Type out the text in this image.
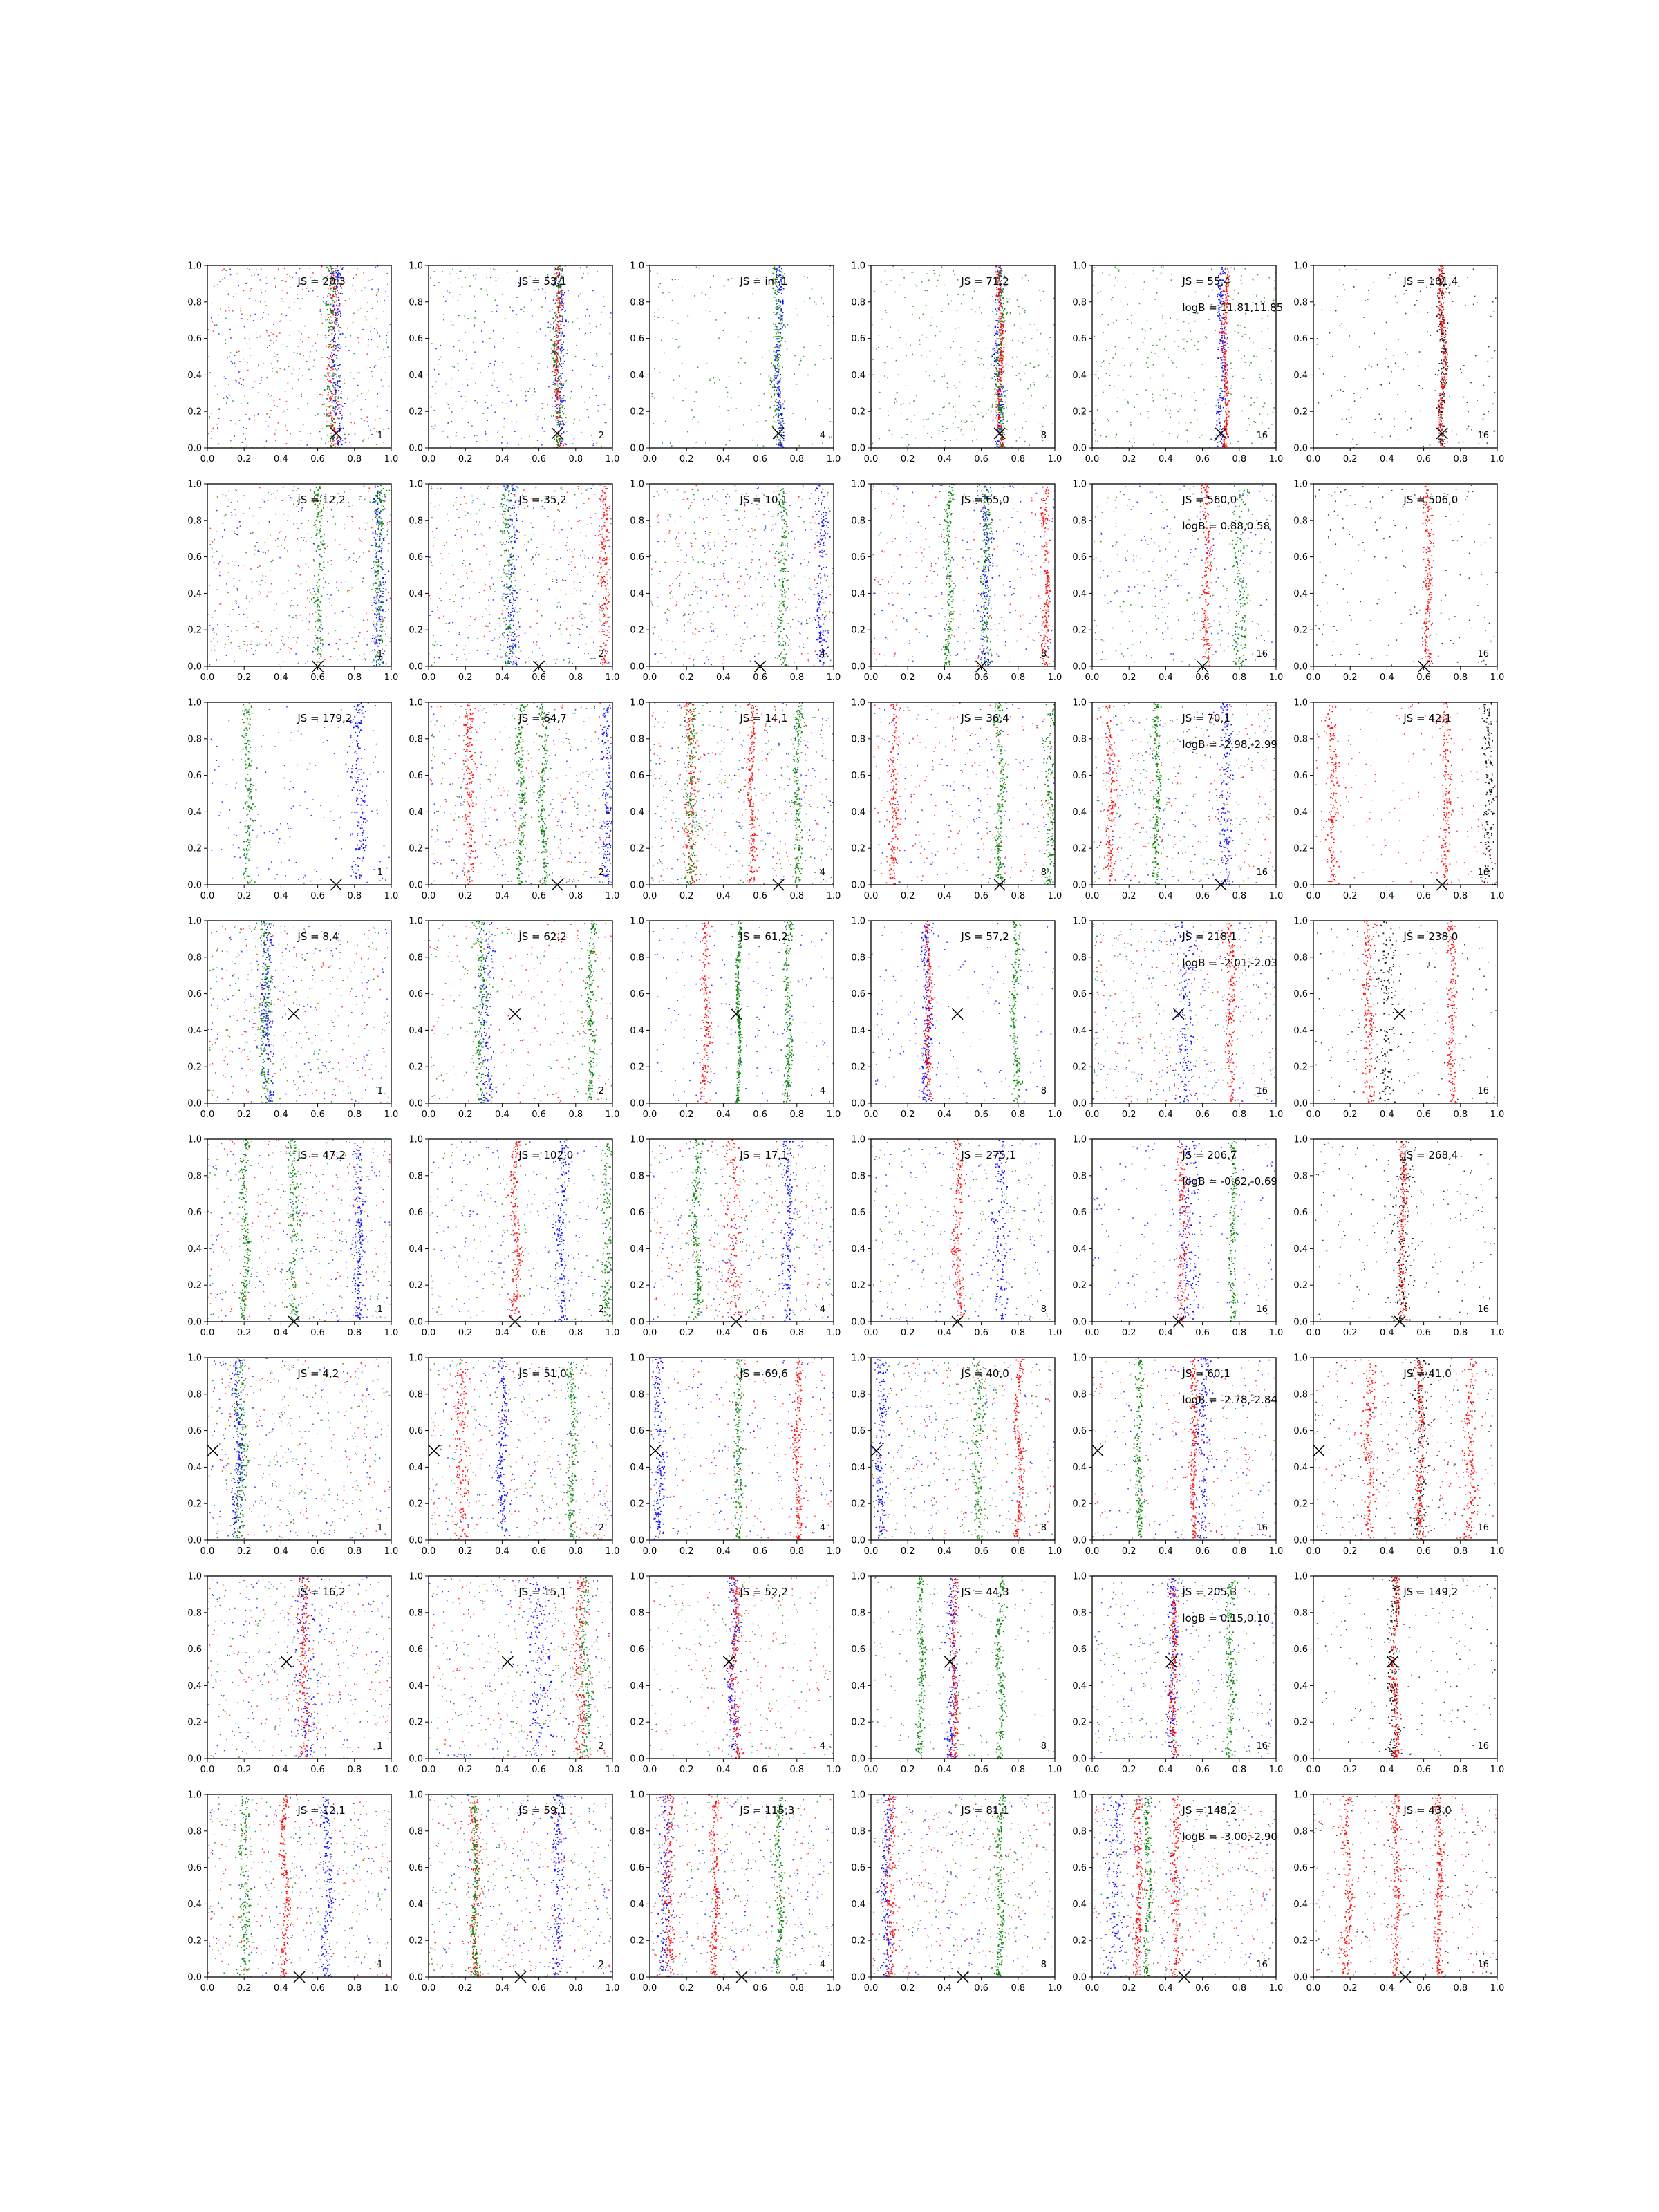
0.0	0.2	0.4	0.6	0.8	1.0
0.0
0.2
0.4
0.6
0.8
1.0
JS = 20,3
1
0.0	0.2	0.4	0.6	0.8	1.0
0.0
0.2
0.4
0.6
0.8
1.0
JS = 53,1
2
0.0	0.2	0.4	0.6	0.8	1.0
0.0
0.2
0.4
0.6
0.8
1.0
JS = inf,1
4
0.0	0.2	0.4	0.6	0.8	1.0
0.0
0.2
0.4
0.6
0.8
1.0
JS = 71,2
8
0.0	0.2	0.4	0.6	0.8	1.0
0.0
0.2
0.4
0.6
0.8
1.0
JS = 55,4
logB = 11.81,11.85
16
0.0	0.2	0.4	0.6	0.8	1.0
0.0
0.2
0.4
0.6
0.8
1.0
JS = 101,4
16
0.0	0.2	0.4	0.6	0.8	1.0
0.0
0.2
0.4
0.6
0.8
1.0
JS = 12,2
1
0.0	0.2	0.4	0.6	0.8	1.0
0.0
0.2
0.4
0.6
0.8
1.0
JS = 35,2
2
0.0	0.2	0.4	0.6	0.8	1.0
0.0
0.2
0.4
0.6
0.8
1.0
JS = 10,1
4
0.0	0.2	0.4	0.6	0.8	1.0
0.0
0.2
0.4
0.6
0.8
1.0
JS = 65,0
8
0.0	0.2	0.4	0.6	0.8	1.0
0.0
0.2
0.4
0.6
0.8
1.0
JS = 560,0
logB = 0.88,0.58
16
0.0	0.2	0.4	0.6	0.8	1.0
0.0
0.2
0.4
0.6
0.8
1.0
JS = 506,0
16
0.0	0.2	0.4	0.6	0.8	1.0
0.0
0.2
0.4
0.6
0.8
1.0
JS = 179,2
1
0.0	0.2	0.4	0.6	0.8	1.0
0.0
0.2
0.4
0.6
0.8
1.0
JS = 64,7
2
0.0	0.2	0.4	0.6	0.8	1.0
0.0
0.2
0.4
0.6
0.8
1.0
JS = 14,1
4
0.0	0.2	0.4	0.6	0.8	1.0
0.0
0.2
0.4
0.6
0.8
1.0
JS = 36,4
8
0.0	0.2	0.4	0.6	0.8	1.0
0.0
0.2
0.4
0.6
0.8
1.0
JS = 70,1
logB = -2.98,-2.99
16
0.0	0.2	0.4	0.6	0.8	1.0
0.0
0.2
0.4
0.6
0.8
1.0
JS = 42,1
16
0.0	0.2	0.4	0.6	0.8	1.0
0.0
0.2
0.4
0.6
0.8
1.0
JS = 8,4
1
0.0	0.2	0.4	0.6	0.8	1.0
0.0
0.2
0.4
0.6
0.8
1.0
JS = 62,2
2
0.0	0.2	0.4	0.6	0.8	1.0
0.0
0.2
0.4
0.6
0.8
1.0
JS = 61,2
4
0.0	0.2	0.4	0.6	0.8	1.0
0.0
0.2
0.4
0.6
0.8
1.0
JS = 57,2
8
0.0	0.2	0.4	0.6	0.8	1.0
0.0
0.2
0.4
0.6
0.8
1.0
JS = 218,1
logB = -2.01,-2.03
16
0.0	0.2	0.4	0.6	0.8	1.0
0.0
0.2
0.4
0.6
0.8
1.0
JS = 238,0
16
0.0	0.2	0.4	0.6	0.8	1.0
0.0
0.2
0.4
0.6
0.8
1.0
JS = 47,2
1
0.0	0.2	0.4	0.6	0.8	1.0
0.0
0.2
0.4
0.6
0.8
1.0
JS = 102,0
2
0.0	0.2	0.4	0.6	0.8	1.0
0.0
0.2
0.4
0.6
0.8
1.0
JS = 17,1
4
0.0	0.2	0.4	0.6	0.8	1.0
0.0
0.2
0.4
0.6
0.8
1.0
JS = 275,1
8
0.0	0.2	0.4	0.6	0.8	1.0
0.0
0.2
0.4
0.6
0.8
1.0
JS = 206,7
logB = -0.62,-0.69
16
0.0	0.2	0.4	0.6	0.8	1.0
0.0
0.2
0.4
0.6
0.8
1.0
JS = 268,4
16
0.0	0.2	0.4	0.6	0.8	1.0
0.0
0.2
0.4
0.6
0.8
1.0
JS = 4,2
1
0.0	0.2	0.4	0.6	0.8	1.0
0.0
0.2
0.4
0.6
0.8
1.0
JS = 51,0
2
0.0	0.2	0.4	0.6	0.8	1.0
0.0
0.2
0.4
0.6
0.8
1.0
JS = 69,6
4
0.0	0.2	0.4	0.6	0.8	1.0
0.0
0.2
0.4
0.6
0.8
1.0
JS = 40,0
8
0.0	0.2	0.4	0.6	0.8	1.0
0.0
0.2
0.4
0.6
0.8
1.0
JS = 60,1
logB = -2.78,-2.84
16
0.0	0.2	0.4	0.6	0.8	1.0
0.0
0.2
0.4
0.6
0.8
1.0
JS = 41,0
16
0.0	0.2	0.4	0.6	0.8	1.0
0.0
0.2
0.4
0.6
0.8
1.0
JS = 16,2
1
0.0	0.2	0.4	0.6	0.8	1.0
0.0
0.2
0.4
0.6
0.8
1.0
JS = 15,1
2
0.0	0.2	0.4	0.6	0.8	1.0
0.0
0.2
0.4
0.6
0.8
1.0
JS = 52,2
4
0.0	0.2	0.4	0.6	0.8	1.0
0.0
0.2
0.4
0.6
0.8
1.0
JS = 44,3
8
0.0	0.2	0.4	0.6	0.8	1.0
0.0
0.2
0.4
0.6
0.8
1.0
JS = 205,3
logB = 0.15,0.10
16
0.0	0.2	0.4	0.6	0.8	1.0
0.0
0.2
0.4
0.6
0.8
1.0
JS = 149,2
16
0.0	0.2	0.4	0.6	0.8	1.0
0.0
0.2
0.4
0.6
0.8
1.0
JS = 12,1
1
0.0	0.2	0.4	0.6	0.8	1.0
0.0
0.2
0.4
0.6
0.8
1.0
JS = 59,1
2
0.0	0.2	0.4	0.6	0.8	1.0
0.0
0.2
0.4
0.6
0.8
1.0
JS = 115,3
4
0.0	0.2	0.4	0.6	0.8	1.0
0.0
0.2
0.4
0.6
0.8
1.0
JS = 81,1
8
0.0	0.2	0.4	0.6	0.8	1.0
0.0
0.2
0.4
0.6
0.8
1.0
JS = 148,2
logB = -3.00,-2.90
16
0.0	0.2	0.4	0.6	0.8	1.0
0.0
0.2
0.4
0.6
0.8
1.0
JS = 43,0
16
